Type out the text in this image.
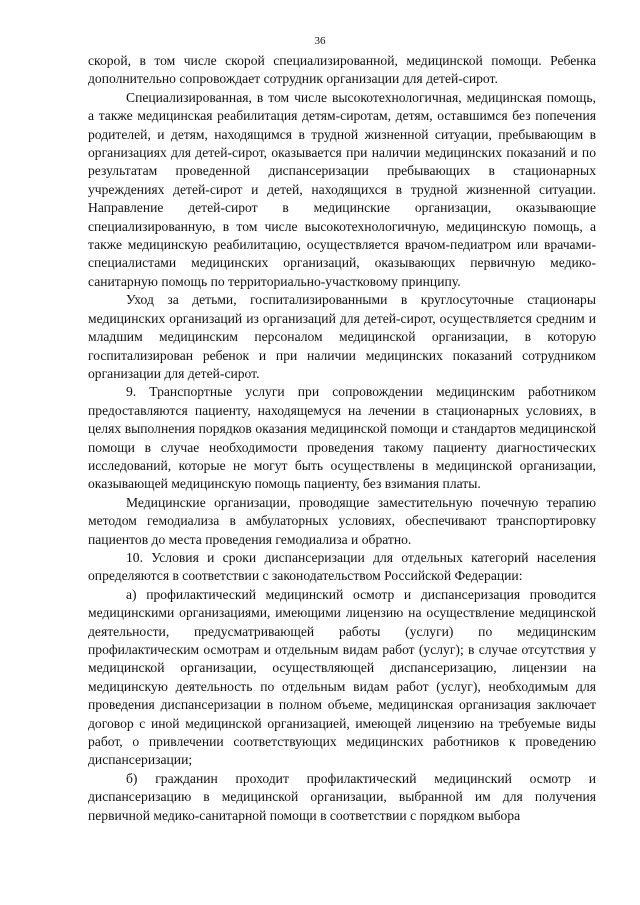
36

скорой, в том числе скорой специализированной, медицинской помощи. Ребенка дополнительно сопровождает сотрудник организации для детей-сирот.

Специализированная, в том числе высокотехнологичная, медицинская помощь, а также медицинская реабилитация детям-сиротам, детям, оставшимся без попечения родителей, и детям, находящимся в трудной жизненной ситуации, пребывающим в организациях для детей-сирот, оказывается при наличии медицинских показаний и по результатам проведенной диспансеризации пребывающих в стационарных учреждениях детей-сирот и детей, находящихся в трудной жизненной ситуации. Направление детей-сирот в медицинские организации, оказывающие специализированную, в том числе высокотехнологичную, медицинскую помощь, а также медицинскую реабилитацию, осуществляется врачом-педиатром или врачами-специалистами медицинских организаций, оказывающих первичную медико-санитарную помощь по территориально-участковому принципу.

Уход за детьми, госпитализированными в круглосуточные стационары медицинских организаций из организаций для детей-сирот, осуществляется средним и младшим медицинским персоналом медицинской организации, в которую госпитализирован ребенок и при наличии медицинских показаний сотрудником организации для детей-сирот.

9. Транспортные услуги при сопровождении медицинским работником предоставляются пациенту, находящемуся на лечении в стационарных условиях, в целях выполнения порядков оказания медицинской помощи и стандартов медицинской помощи в случае необходимости проведения такому пациенту диагностических исследований, которые не могут быть осуществлены в медицинской организации, оказывающей медицинскую помощь пациенту, без взимания платы.

Медицинские организации, проводящие заместительную почечную терапию методом гемодиализа в амбулаторных условиях, обеспечивают транспортировку пациентов до места проведения гемодиализа и обратно.

10. Условия и сроки диспансеризации для отдельных категорий населения определяются в соответствии с законодательством Российской Федерации:

а) профилактический медицинский осмотр и диспансеризация проводится медицинскими организациями, имеющими лицензию на осуществление медицинской деятельности, предусматривающей работы (услуги) по медицинским профилактическим осмотрам и отдельным видам работ (услуг); в случае отсутствия у медицинской организации, осуществляющей диспансеризацию, лицензии на медицинскую деятельность по отдельным видам работ (услуг), необходимым для проведения диспансеризации в полном объеме, медицинская организация заключает договор с иной медицинской организацией, имеющей лицензию на требуемые виды работ, о привлечении соответствующих медицинских работников к проведению диспансеризации;

б) гражданин проходит профилактический медицинский осмотр и диспансеризацию в медицинской организации, выбранной им для получения первичной медико-санитарной помощи в соответствии с порядком выбора
